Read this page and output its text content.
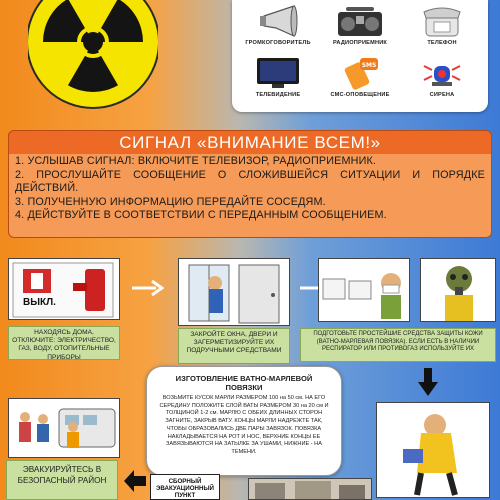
ГРОМКОГОВОРИТЕЛЬ	РАДИОПРИЕМНИК	ТЕЛЕФОН
ТЕЛЕВИДЕНИЕ
SMS
СМС-ОПОВЕЩЕНИЕ	СИРЕНА
СИГНАЛ «ВНИМАНИЕ ВСЕМ!»

1. УСЛЫШАВ СИГНАЛ: ВКЛЮЧИТЕ ТЕЛЕВИЗОР, РАДИОПРИЕМНИК.

2. ПРОСЛУШАЙТЕ СООБЩЕНИЕ О СЛОЖИВШЕЙСЯ СИТУАЦИИ И ПОРЯДКЕ ДЕЙСТВИЙ.

3. ПОЛУЧЕННУЮ ИНФОРМАЦИЮ ПЕРЕДАЙТЕ СОСЕДЯМ.

4. ДЕЙСТВУЙТЕ В СООТВЕТСТВИИ С ПЕРЕДАННЫМ СООБЩЕНИЕМ.

ВЫКЛ.
НАХОДЯСЬ ДОМА, ОТКЛЮЧИТЕ: ЭЛЕКТРИЧЕСТВО, ГАЗ, ВОДУ, ОТОПИТЕЛЬНЫЕ ПРИБОРЫ
ЗАКРОЙТЕ ОКНА, ДВЕРИ И ЗАГЕРМЕТИЗИРУЙТЕ ИХ ПОДРУЧНЫМИ СРЕДСТВАМИ
ПОДГОТОВЬТЕ ПРОСТЕЙШИЕ СРЕДСТВА ЗАЩИТЫ КОЖИ (ВАТНО-МАРЛЕВАЯ ПОВЯЗКА). ЕСЛИ ЕСТЬ В НАЛИЧИИ РЕСПИРАТОР ИЛИ ПРОТИВОГАЗ ИСПОЛЬЗУЙТЕ ИХ
ИЗГОТОВЛЕНИЕ ВАТНО-МАРЛЕВОЙ ПОВЯЗКИ
ВОЗЬМИТЕ КУСОК МАРЛИ РАЗМЕРОМ 100 на 50 см. НА ЕГО СЕРЕДИНУ ПОЛОЖИТЕ СЛОЙ ВАТЫ РАЗМЕРОМ 30 на 20 см И ТОЛЩИНОЙ 1-2 см. МАРЛЮ С ОБЕИХ ДЛИННЫХ СТОРОН ЗАГНИТЕ, ЗАКРЫВ ВАТУ. КОНЦЫ МАРЛИ НАДРЕЖТЕ ТАК, ЧТОБЫ ОБРАЗОВАЛИСЬ ДВЕ ПАРЫ ЗАВЯЗОК. ПОВЯЗКА НАКЛАДЫВАЕТСЯ НА РОТ И НОС, ВЕРХНИЕ КОНЦЫ ЕЕ ЗАВЯЗЫВАЮТСЯ НА ЗАТЫЛКЕ ЗА УШАМИ, НИЖНИЕ - НА ТЕМЕНИ.
ЭВАКУИРУЙТЕСЬ В БЕЗОПАСНЫЙ РАЙОН	СБОРНЫЙ ЭВАКУАЦИОННЫЙ ПУНКТ
